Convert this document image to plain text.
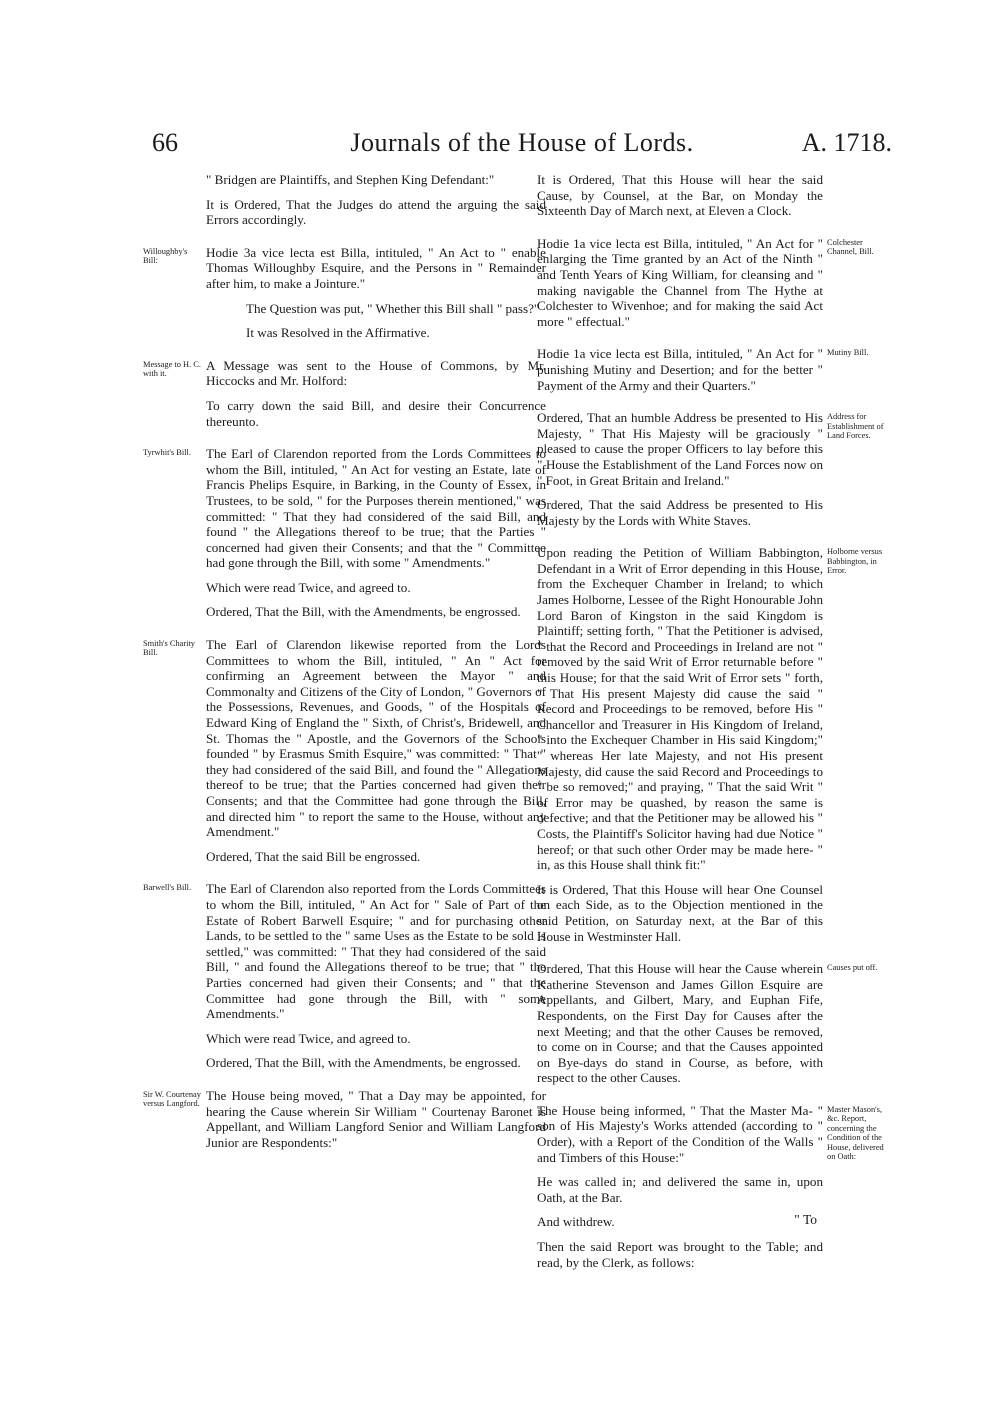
66	Journals of the House of Lords.	A. 1718.

" Bridgen are Plaintiffs, and Stephen King Defendant:"

It is Ordered, That the Judges do attend the arguing the said Errors accordingly.

Willoughby's Bill:

Hodie 3a vice lecta est Billa, intituled, " An Act to " enable Thomas Willoughby Esquire, and the Persons in " Remainder after him, to make a Jointure."

The Question was put, " Whether this Bill shall " pass?"

It was Resolved in the Affirmative.

Message to H. C. with it.

A Message was sent to the House of Commons, by Mr. Hiccocks and Mr. Holford:

To carry down the said Bill, and desire their Concurrence thereunto.

Tyrwhit's Bill.	The Earl of Clarendon reported from the Lords Committees to whom the Bill, intituled, " An Act for vesting an Estate, late of Francis Phelips Esquire, in Barking, in the County of Essex, in Trustees, to be sold, " for the Purposes therein mentioned," was committed: " That they had considered of the said Bill, and found " the Allegations thereof to be true; that the Parties " concerned had given their Consents; and that the " Committee had gone through the Bill, with some " Amendments."

Which were read Twice, and agreed to.

Ordered, That the Bill, with the Amendments, be engrossed.

Smith's Charity Bill.

The Earl of Clarendon likewise reported from the Lords Committees to whom the Bill, intituled, " An " Act for confirming an Agreement between the Mayor " and Commonalty and Citizens of the City of London, " Governors of the Possessions, Revenues, and Goods, " of the Hospitals of Edward King of England the " Sixth, of Christ's, Bridewell, and St. Thomas the " Apostle, and the Governors of the Schools founded " by Erasmus Smith Esquire," was committed: " That " they had considered of the said Bill, and found the " Allegations thereof to be true; that the Parties concerned had given their Consents; and that the Committee had gone through the Bill, and directed him " to report the same to the House, without any Amendment."

Ordered, That the said Bill be engrossed.

Barwell's Bill.	The Earl of Clarendon also reported from the Lords Committees to whom the Bill, intituled, " An Act for " Sale of Part of the Estate of Robert Barwell Esquire; " and for purchasing other Lands, to be settled to the " same Uses as the Estate to be sold is settled," was committed: " That they had considered of the said Bill, " and found the Allegations thereof to be true; that " the Parties concerned had given their Consents; and " that the Committee had gone through the Bill, with " some Amendments."

Which were read Twice, and agreed to.

Ordered, That the Bill, with the Amendments, be engrossed.

Sir W. Courtenay versus Langford.

The House being moved, " That a Day may be appointed, for hearing the Cause wherein Sir William " Courtenay Baronet is Appellant, and William Langford Senior and William Langford Junior are Respondents:"

It is Ordered, That this House will hear the said Cause, by Counsel, at the Bar, on Monday the Sixteenth Day of March next, at Eleven a Clock.

Colchester Channel, Bill.

Hodie 1a vice lecta est Billa, intituled, " An Act for " enlarging the Time granted by an Act of the Ninth " and Tenth Years of King William, for cleansing and " making navigable the Channel from The Hythe at Colchester to Wivenhoe; and for making the said Act more " effectual."

Mutiny Bill.

Hodie 1a vice lecta est Billa, intituled, " An Act for " punishing Mutiny and Desertion; and for the better " Payment of the Army and their Quarters."

Address for Establishment of Land Forces.

Ordered, That an humble Address be presented to His Majesty, " That His Majesty will be graciously " pleased to cause the proper Officers to lay before this " House the Establishment of the Land Forces now on " Foot, in Great Britain and Ireland."

Ordered, That the said Address be presented to His Majesty by the Lords with White Staves.

Holborne versus Babbington, in Error.

Upon reading the Petition of William Babbington, Defendant in a Writ of Error depending in this House, from the Exchequer Chamber in Ireland; to which James Holborne, Lessee of the Right Honourable John Lord Baron of Kingston in the said Kingdom is Plaintiff; setting forth, " That the Petitioner is advised, " that the Record and Proceedings in Ireland are not " removed by the said Writ of Error returnable before " this House; for that the said Writ of Error sets " forth, " That His present Majesty did cause the said " Record and Proceedings to be removed, before His " Chancellor and Treasurer in His Kingdom of Ireland, " into the Exchequer Chamber in His said Kingdom;" " whereas Her late Majesty, and not His present Majesty, did cause the said Record and Proceedings to " be so removed;" and praying, " That the said Writ " of Error may be quashed, by reason the same is defective; and that the Petitioner may be allowed his " Costs, the Plaintiff's Solicitor having had due Notice " hereof; or that such other Order may be made here- " in, as this House shall think fit:"

It is Ordered, That this House will hear One Counsel on each Side, as to the Objection mentioned in the said Petition, on Saturday next, at the Bar of this House in Westminster Hall.

Causes put off.

Ordered, That this House will hear the Cause wherein Katherine Stevenson and James Gillon Esquire are Appellants, and Gilbert, Mary, and Euphan Fife, Respondents, on the First Day for Causes after the next Meeting; and that the other Causes be removed, to come on in Course; and that the Causes appointed on Bye-days do stand in Course, as before, with respect to the other Causes.

Master Mason's, &c. Report, concerning the Condition of the House, delivered on Oath:

The House being informed, " That the Master Ma- " son of His Majesty's Works attended (according to " Order), with a Report of the Condition of the Walls " and Timbers of this House:"

He was called in; and delivered the same in, upon Oath, at the Bar.

And withdrew.

Then the said Report was brought to the Table; and read, by the Clerk, as follows:

" To
